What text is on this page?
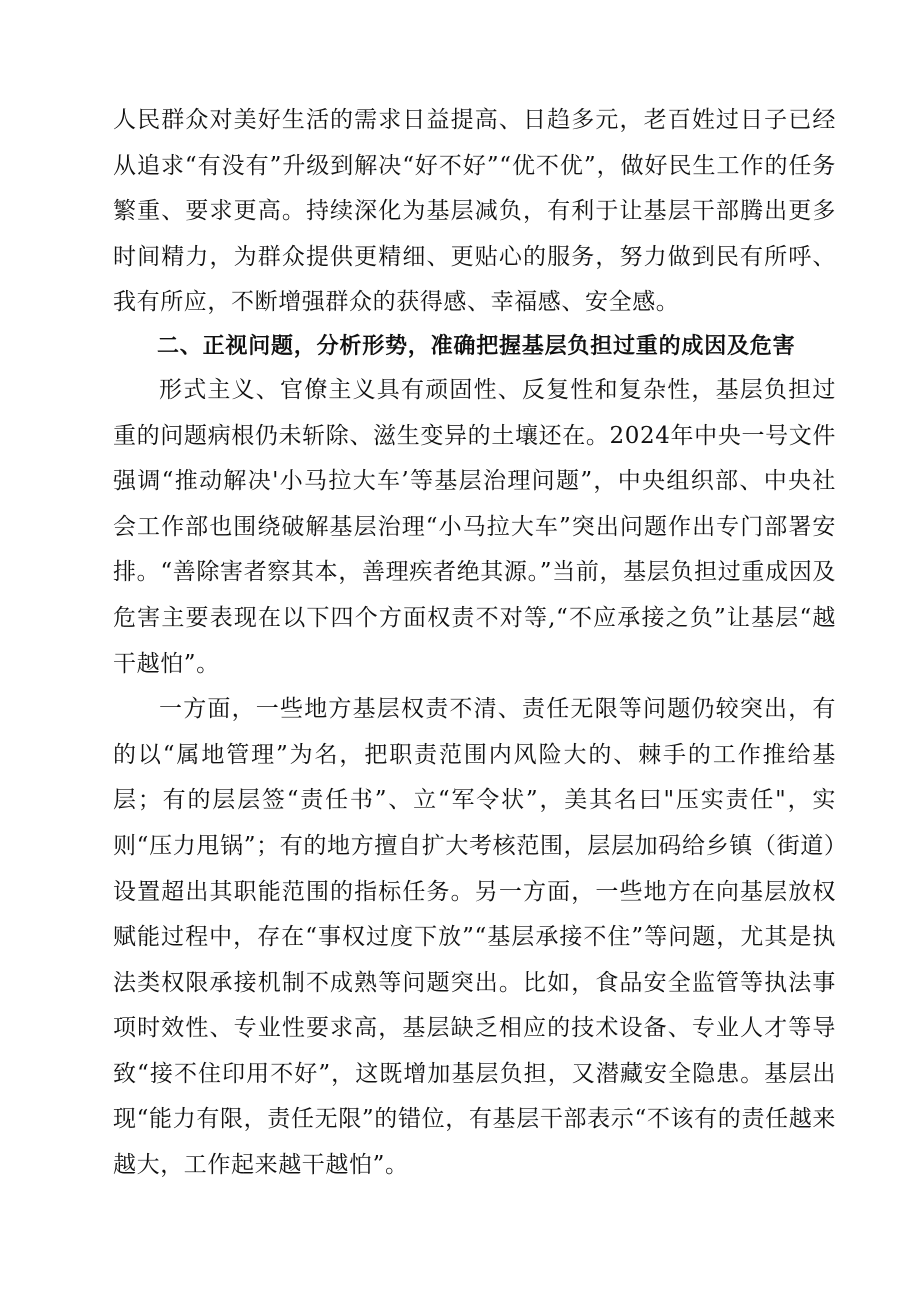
人民群众对美好生活的需求日益提高、日趋多元，老百姓过日子已经从追求“有没有”升级到解决“好不好”“优不优”，做好民生工作的任务繁重、要求更高。持续深化为基层减负，有利于让基层干部腾出更多时间精力，为群众提供更精细、更贴心的服务，努力做到民有所呼、我有所应，不断增强群众的获得感、幸福感、安全感。

二、正视问题，分析形势，准确把握基层负担过重的成因及危害

形式主义、官僚主义具有顽固性、反复性和复杂性，基层负担过重的问题病根仍未斩除、滋生变异的土壤还在。2024年中央一号文件强调“推动解决'小马拉大车’等基层治理问题”，中央组织部、中央社会工作部也围绕破解基层治理“小马拉大车”突出问题作出专门部署安排。“善除害者察其本，善理疾者绝其源。”当前，基层负担过重成因及危害主要表现在以下四个方面权责不对等,“不应承接之负”让基层“越干越怕”。

一方面，一些地方基层权责不清、责任无限等问题仍较突出，有的以“属地管理”为名，把职责范围内风险大的、棘手的工作推给基层；有的层层签“责任书”、立“军令状”，美其名曰"压实责任"，实则“压力甩锅”；有的地方擅自扩大考核范围，层层加码给乡镇（街道）设置超出其职能范围的指标任务。另一方面，一些地方在向基层放权赋能过程中，存在“事权过度下放”“基层承接不住”等问题，尤其是执法类权限承接机制不成熟等问题突出。比如，食品安全监管等执法事项时效性、专业性要求高，基层缺乏相应的技术设备、专业人才等导致“接不住印用不好”，这既增加基层负担，又潜藏安全隐患。基层出现“能力有限，责任无限”的错位，有基层干部表示“不该有的责任越来越大，工作起来越干越怕”。
